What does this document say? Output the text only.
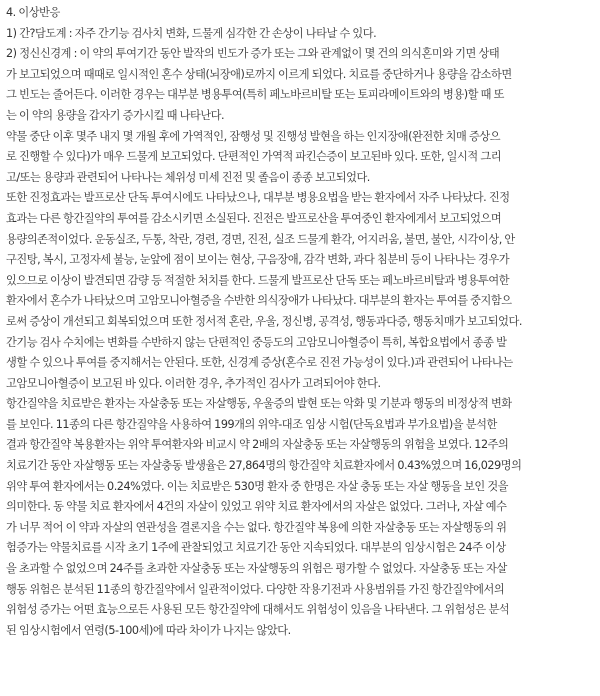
4. 이상반응

1) 간?담도계 : 자주 간기능 검사치 변화, 드물게 심각한 간 손상이 나타날 수 있다.

2) 정신신경계 : 이 약의 투여기간 동안 발작의 빈도가 증가 또는 그와 관계없이 몇 건의 의식혼미와 기면 상태
가 보고되었으며 때때로 일시적인 혼수 상태(뇌장애)로까지 이르게 되었다. 치료를 중단하거나 용량을 감소하면
그 빈도는 줄어든다. 이러한 경우는 대부분 병용투여(특히 페노바르비탈 또는 토피라메이트와의 병용)할 때 또
는 이 약의 용량을 갑자기 증가시킬 때 나타난다.

약물 중단 이후 몇주 내지 몇 개월 후에 가역적인, 잠행성 및 진행성 발현을 하는 인지장애(완전한 치매 증상으
로 진행할 수 있다)가 매우 드물게 보고되었다. 단편적인 가역적 파킨슨증이 보고된바 있다. 또한, 일시적 그리
고/또는 용량과 관련되어 나타나는 체위성 미세 진전 및 졸음이 종종 보고되었다.

또한 진정효과는 발프로산 단독 투여시에도 나타났으나, 대부분 병용요법을 받는 환자에서 자주 나타났다. 진정
효과는 다른 항간질약의 투여를 감소시키면 소실된다. 진전은 발프로산을 투여중인 환자에게서 보고되었으며
용량의존적이었다. 운동실조, 두통, 착란, 경련, 경면, 진전, 실조 드물게 환각, 어지러움, 불면, 불안, 시각이상, 안
구진탕, 복시, 고정자세 불능, 눈앞에 점이 보이는 현상, 구음장애, 감각 변화, 과다 침분비 등이 나타나는 경우가
있으므로 이상이 발견되면 감량 등 적절한 처치를 한다. 드물게 발프로산 단독 또는 페노바르비탈과 병용투여한
환자에서 혼수가 나타났으며 고암모니아혈증을 수반한 의식장애가 나타났다. 대부분의 환자는 투여를 중지함으
로써 증상이 개선되고 회복되었으며 또한 정서적 혼란, 우울, 정신병, 공격성, 행동과다증, 행동치매가 보고되었다.

간기능 검사 수치에는 변화를 수반하지 않는 단편적인 중등도의 고암모니아혈증이 특히, 복합요법에서 종종 발
생할 수 있으나 투여를 중지해서는 안된다. 또한, 신경계 증상(혼수로 진전 가능성이 있다.)과 관련되어 나타나는
고암모니아혈증이 보고된 바 있다. 이러한 경우, 추가적인 검사가 고려되어야 한다.

항간질약을 치료받은 환자는 자살충동 또는 자살행동, 우울증의 발현 또는 악화 및 기분과 행동의 비정상적 변화
를 보인다. 11종의 다른 항간질약을 사용하여 199개의 위약-대조 임상 시험(단독요법과 부가요법)을 분석한
결과 항간질약 복용환자는 위약 투여환자와 비교시 약 2배의 자살충동 또는 자살행동의 위험을 보였다. 12주의
치료기간 동안 자살행동 또는 자살충동 발생율은 27,864명의 항간질약 치료환자에서 0.43%였으며 16,029명의
위약 투여 환자에서는 0.24%였다. 이는 치료받은 530명 환자 중 한명은 자살 충동 또는 자살 행동을 보인 것을
의미한다. 동 약물 치료 환자에서 4건의 자살이 있었고 위약 치료 환자에서의 자살은 없었다. 그러나, 자살 예수
가 너무 적어 이 약과 자살의 연관성을 결론지을 수는 없다. 항간질약 복용에 의한 자살충동 또는 자살행동의 위
험증가는 약물치료를 시작 초기 1주에 관찰되었고 치료기간 동안 지속되었다. 대부분의 임상시험은 24주 이상
을 초과할 수 없었으며 24주를 초과한 자살충동 또는 자살행동의 위험은 평가할 수 없었다. 자살충동 또는 자살
행동 위험은 분석된 11종의 항간질약에서 일관적이었다. 다양한 작용기전과 사용범위를 가진 항간질약에서의
위험성 증가는 어떤 효능으로든 사용된 모든 항간질약에 대해서도 위험성이 있음을 나타낸다. 그 위험성은 분석
된 임상시험에서 연령(5-100세)에 따라 차이가 나지는 않았다.
